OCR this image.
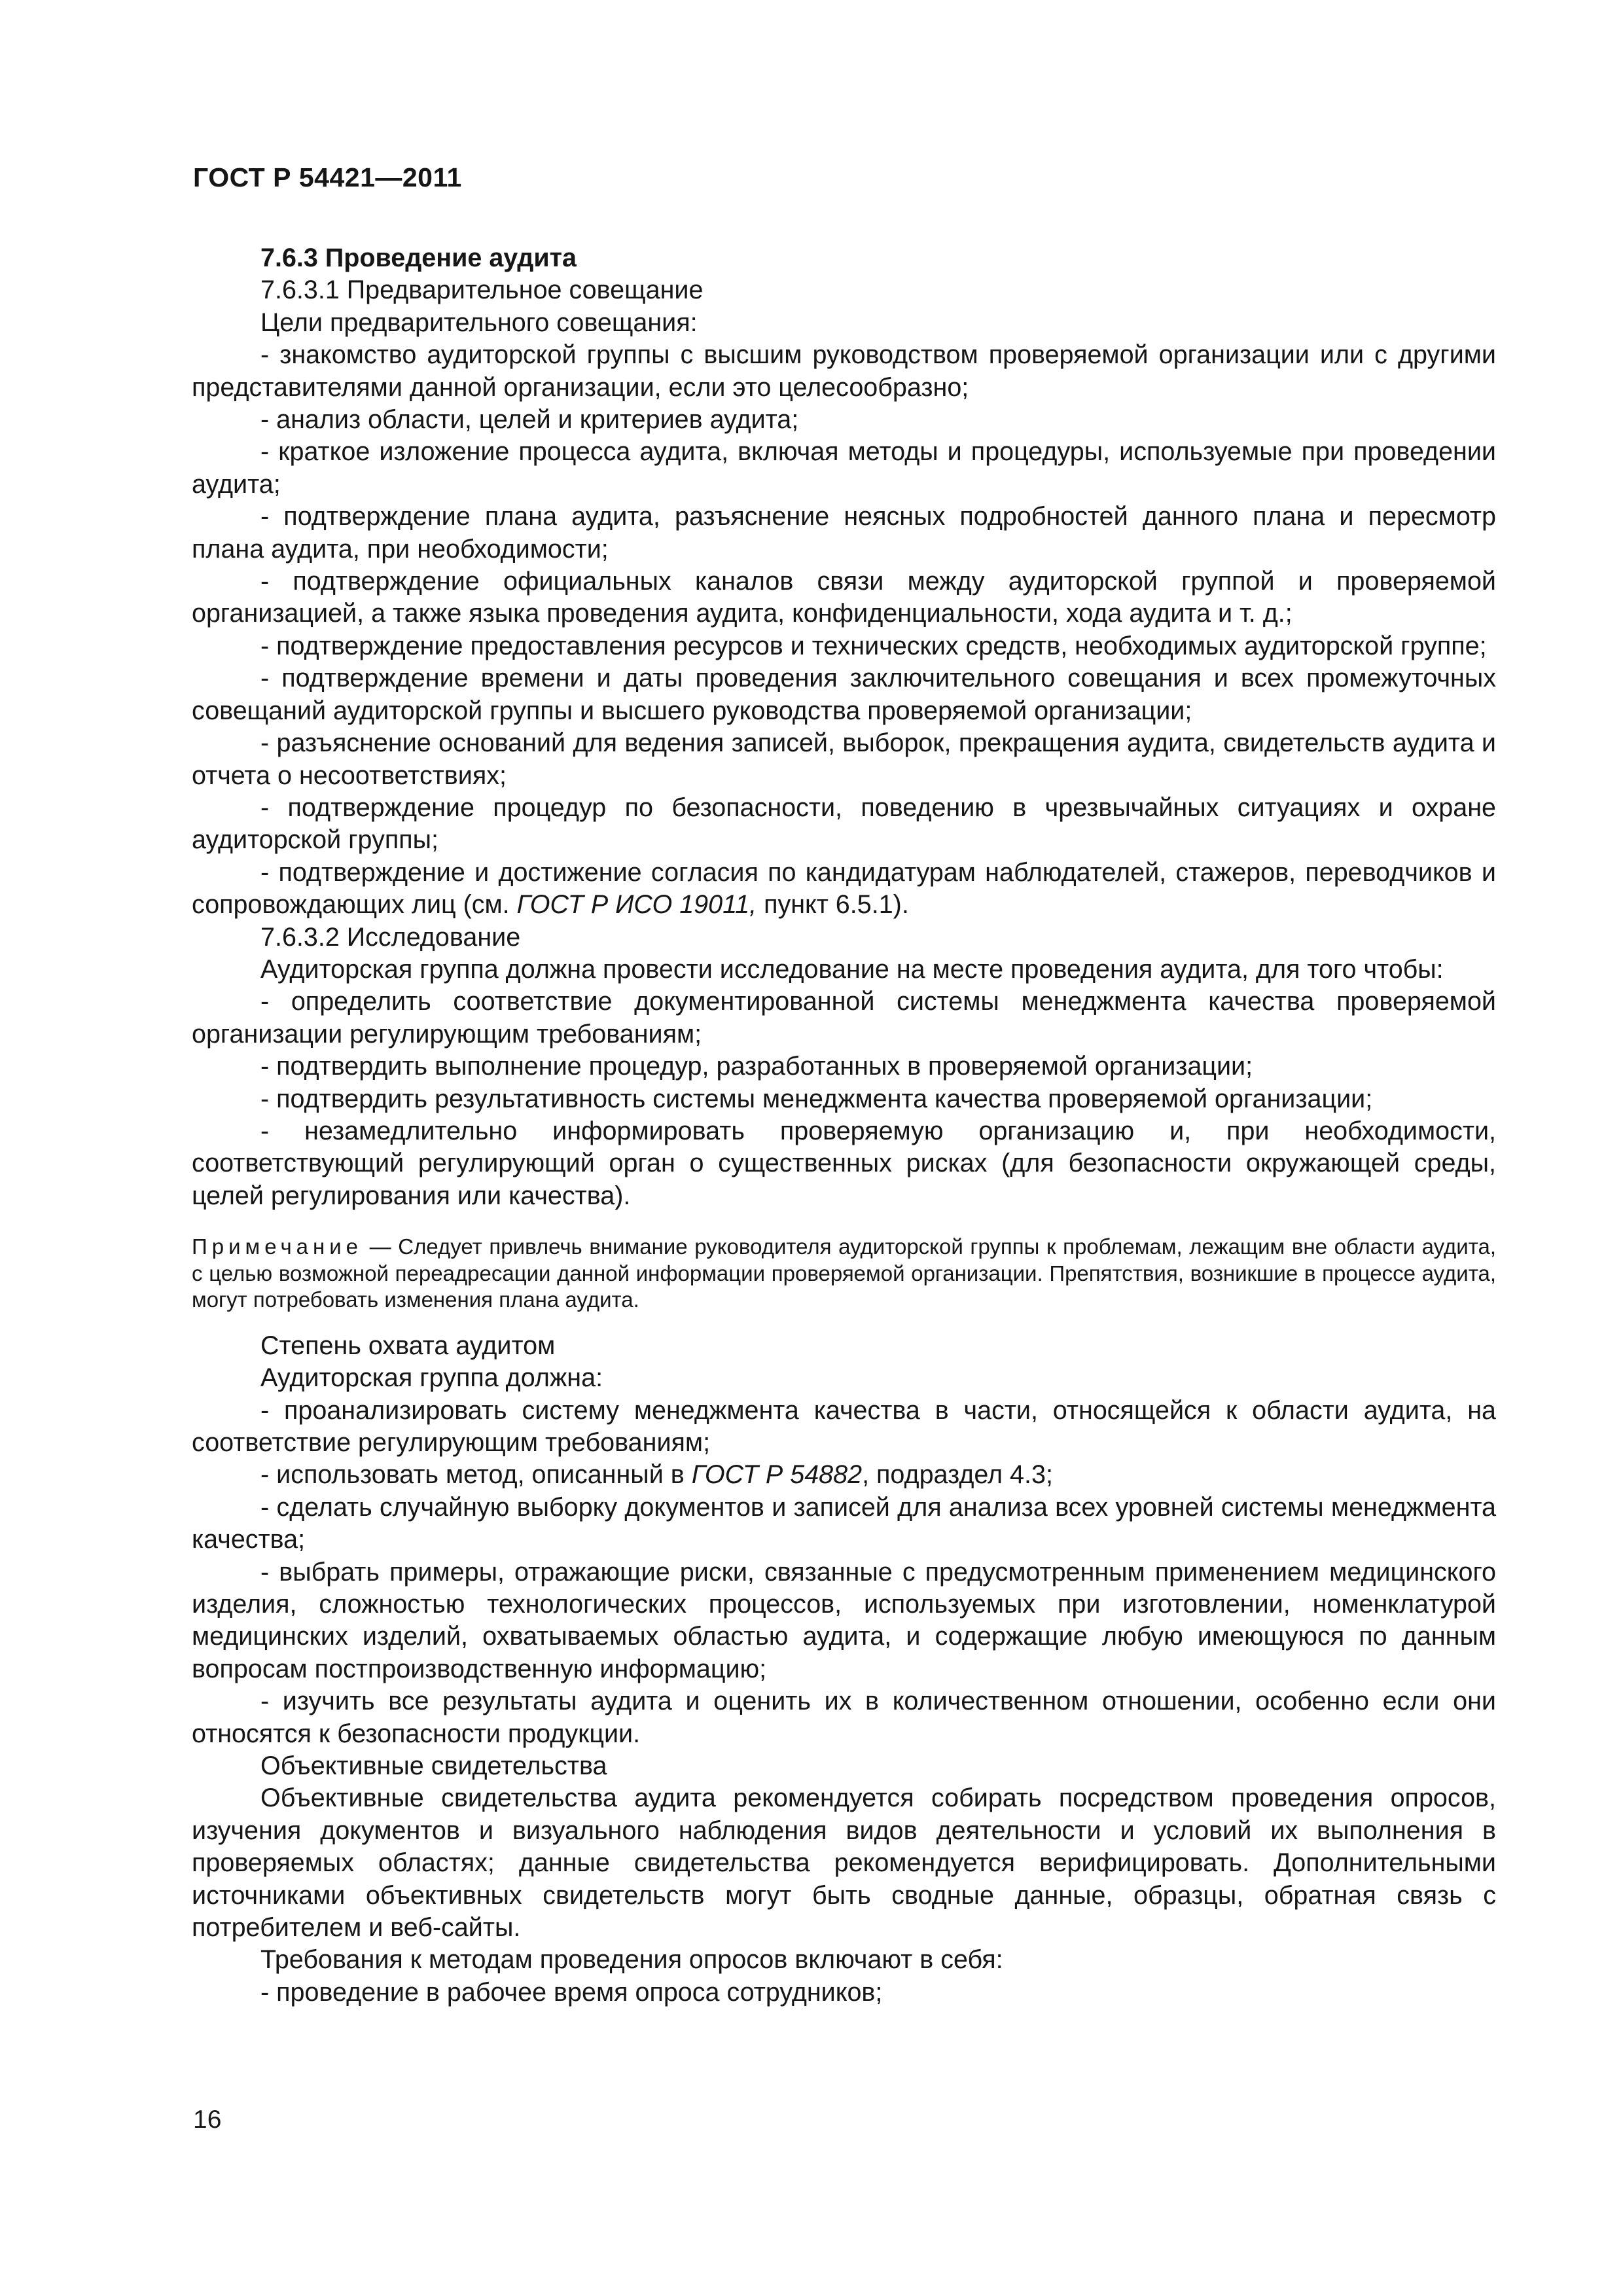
ГОСТ Р 54421—2011

7.6.3 Проведение аудита

7.6.3.1 Предварительное совещание

Цели предварительного совещания:

- знакомство аудиторской группы с высшим руководством проверяемой организации или с другими представителями данной организации, если это целесообразно;

- анализ области, целей и критериев аудита;

- краткое изложение процесса аудита, включая методы и процедуры, используемые при проведении аудита;

- подтверждение плана аудита, разъяснение неясных подробностей данного плана и пересмотр плана аудита, при необходимости;

- подтверждение официальных каналов связи между аудиторской группой и проверяемой организацией, а также языка проведения аудита, конфиденциальности, хода аудита и т. д.;

- подтверждение предоставления ресурсов и технических средств, необходимых аудиторской группе;

- подтверждение времени и даты проведения заключительного совещания и всех промежуточных совещаний аудиторской группы и высшего руководства проверяемой организации;

- разъяснение оснований для ведения записей, выборок, прекращения аудита, свидетельств аудита и отчета о несоответствиях;

- подтверждение процедур по безопасности, поведению в чрезвычайных ситуациях и охране аудиторской группы;

- подтверждение и достижение согласия по кандидатурам наблюдателей, стажеров, переводчиков и сопровождающих лиц (см. ГОСТ Р ИСО 19011, пункт 6.5.1).

7.6.3.2 Исследование

Аудиторская группа должна провести исследование на месте проведения аудита, для того чтобы:

- определить соответствие документированной системы менеджмента качества проверяемой организации регулирующим требованиям;

- подтвердить выполнение процедур, разработанных в проверяемой организации;

- подтвердить результативность системы менеджмента качества проверяемой организации;

- незамедлительно информировать проверяемую организацию и, при необходимости, соответствующий регулирующий орган о существенных рисках (для безопасности окружающей среды, целей регулирования или качества).

Примечание — Следует привлечь внимание руководителя аудиторской группы к проблемам, лежащим вне области аудита, с целью возможной переадресации данной информации проверяемой организации. Препятствия, возникшие в процессе аудита, могут потребовать изменения плана аудита.

Степень охвата аудитом

Аудиторская группа должна:

- проанализировать систему менеджмента качества в части, относящейся к области аудита, на соответствие регулирующим требованиям;

- использовать метод, описанный в ГОСТ Р 54882, подраздел 4.3;

- сделать случайную выборку документов и записей для анализа всех уровней системы менеджмента качества;

- выбрать примеры, отражающие риски, связанные с предусмотренным применением медицинского изделия, сложностью технологических процессов, используемых при изготовлении, номенклатурой медицинских изделий, охватываемых областью аудита, и содержащие любую имеющуюся по данным вопросам постпроизводственную информацию;

- изучить все результаты аудита и оценить их в количественном отношении, особенно если они относятся к безопасности продукции.

Объективные свидетельства

Объективные свидетельства аудита рекомендуется собирать посредством проведения опросов, изучения документов и визуального наблюдения видов деятельности и условий их выполнения в проверяемых областях; данные свидетельства рекомендуется верифицировать. Дополнительными источниками объективных свидетельств могут быть сводные данные, образцы, обратная связь с потребителем и веб-сайты.

Требования к методам проведения опросов включают в себя:

- проведение в рабочее время опроса сотрудников;

16
